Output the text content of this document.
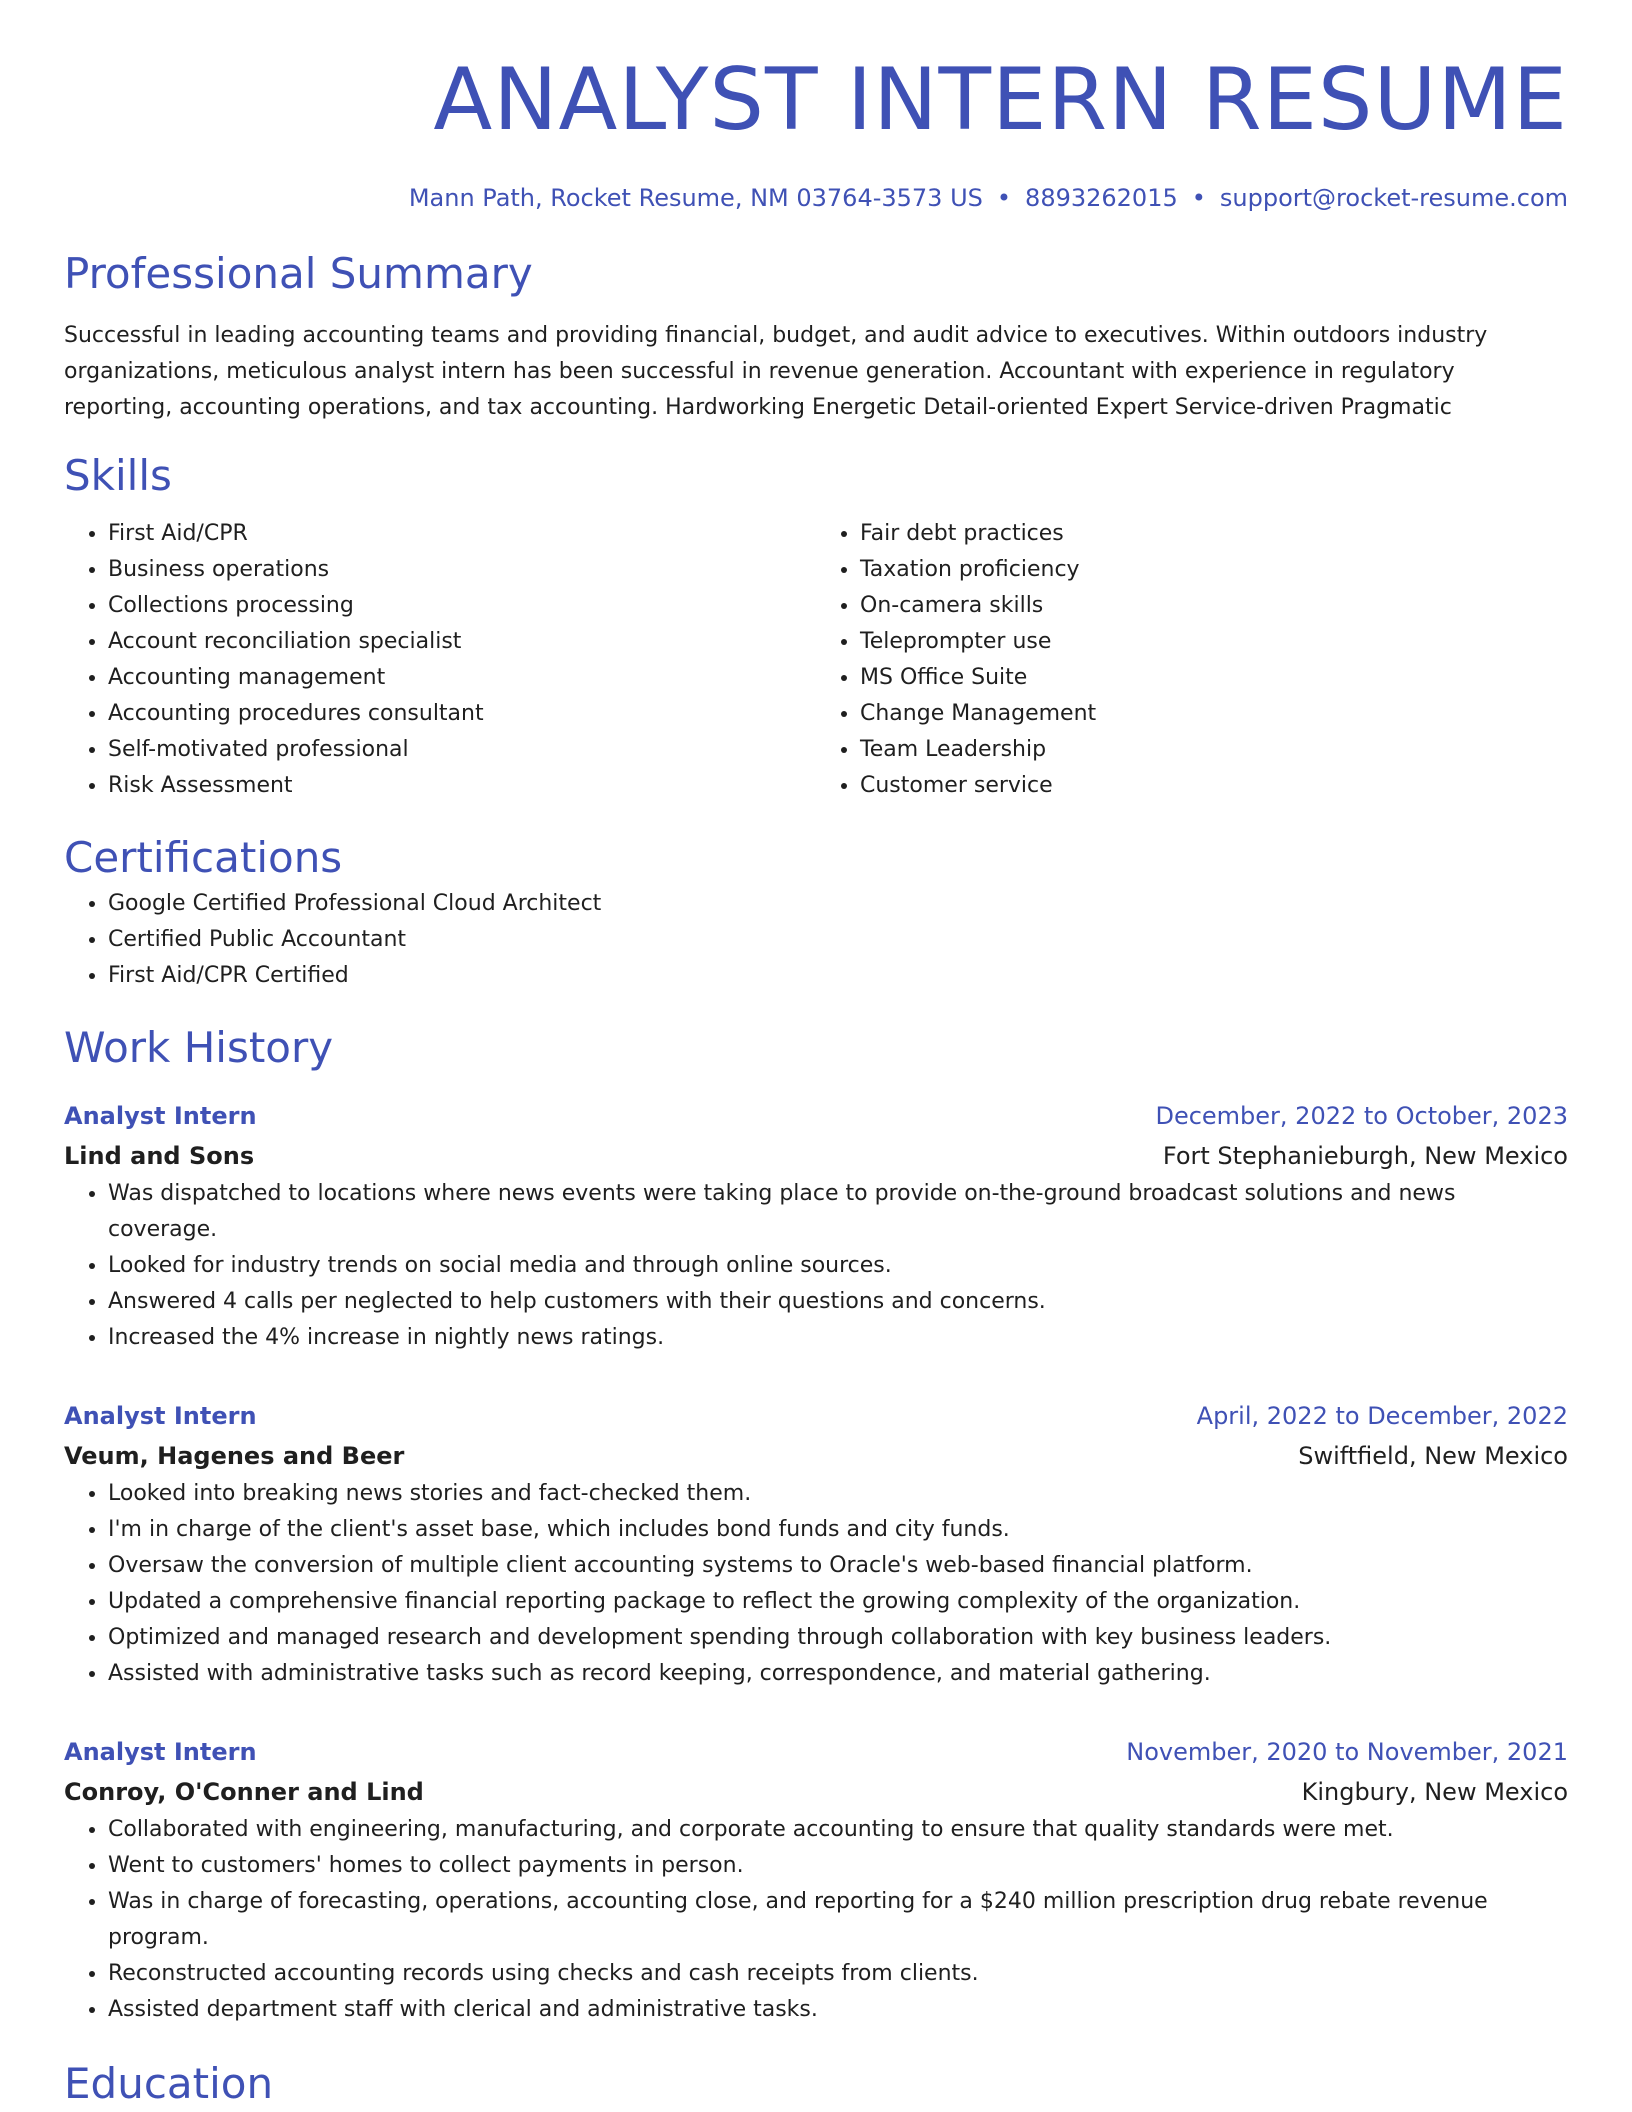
ANALYST INTERN RESUME
Mann Path, Rocket Resume, NM 03764-3573 US • 8893262015 • support@rocket-resume.com
Professional Summary
Successful in leading accounting teams and providing financial, budget, and audit advice to executives. Within outdoors industry organizations, meticulous analyst intern has been successful in revenue generation. Accountant with experience in regulatory reporting, accounting operations, and tax accounting. Hardworking Energetic Detail-oriented Expert Service-driven Pragmatic
Skills
• First Aid/CPR
• Business operations
• Collections processing
• Account reconciliation specialist
• Accounting management
• Accounting procedures consultant
• Self-motivated professional
• Risk Assessment
• Fair debt practices
• Taxation proficiency
• On-camera skills
• Teleprompter use
• MS Office Suite
• Change Management
• Team Leadership
• Customer service
Certifications
• Google Certified Professional Cloud Architect
• Certified Public Accountant
• First Aid/CPR Certified
Work History
Analyst Intern	December, 2022 to October, 2023
Lind and Sons	Fort Stephanieburgh, New Mexico
• Was dispatched to locations where news events were taking place to provide on-the-ground broadcast solutions and news coverage.
• Looked for industry trends on social media and through online sources.
• Answered 4 calls per neglected to help customers with their questions and concerns.
• Increased the 4% increase in nightly news ratings.
Analyst Intern	April, 2022 to December, 2022
Veum, Hagenes and Beer	Swiftfield, New Mexico
• Looked into breaking news stories and fact-checked them.
• I'm in charge of the client's asset base, which includes bond funds and city funds.
• Oversaw the conversion of multiple client accounting systems to Oracle's web-based financial platform.
• Updated a comprehensive financial reporting package to reflect the growing complexity of the organization.
• Optimized and managed research and development spending through collaboration with key business leaders.
• Assisted with administrative tasks such as record keeping, correspondence, and material gathering.
Analyst Intern	November, 2020 to November, 2021
Conroy, O'Conner and Lind	Kingbury, New Mexico
• Collaborated with engineering, manufacturing, and corporate accounting to ensure that quality standards were met.
• Went to customers' homes to collect payments in person.
• Was in charge of forecasting, operations, accounting close, and reporting for a $240 million prescription drug rebate revenue program.
• Reconstructed accounting records using checks and cash receipts from clients.
• Assisted department staff with clerical and administrative tasks.
Education
